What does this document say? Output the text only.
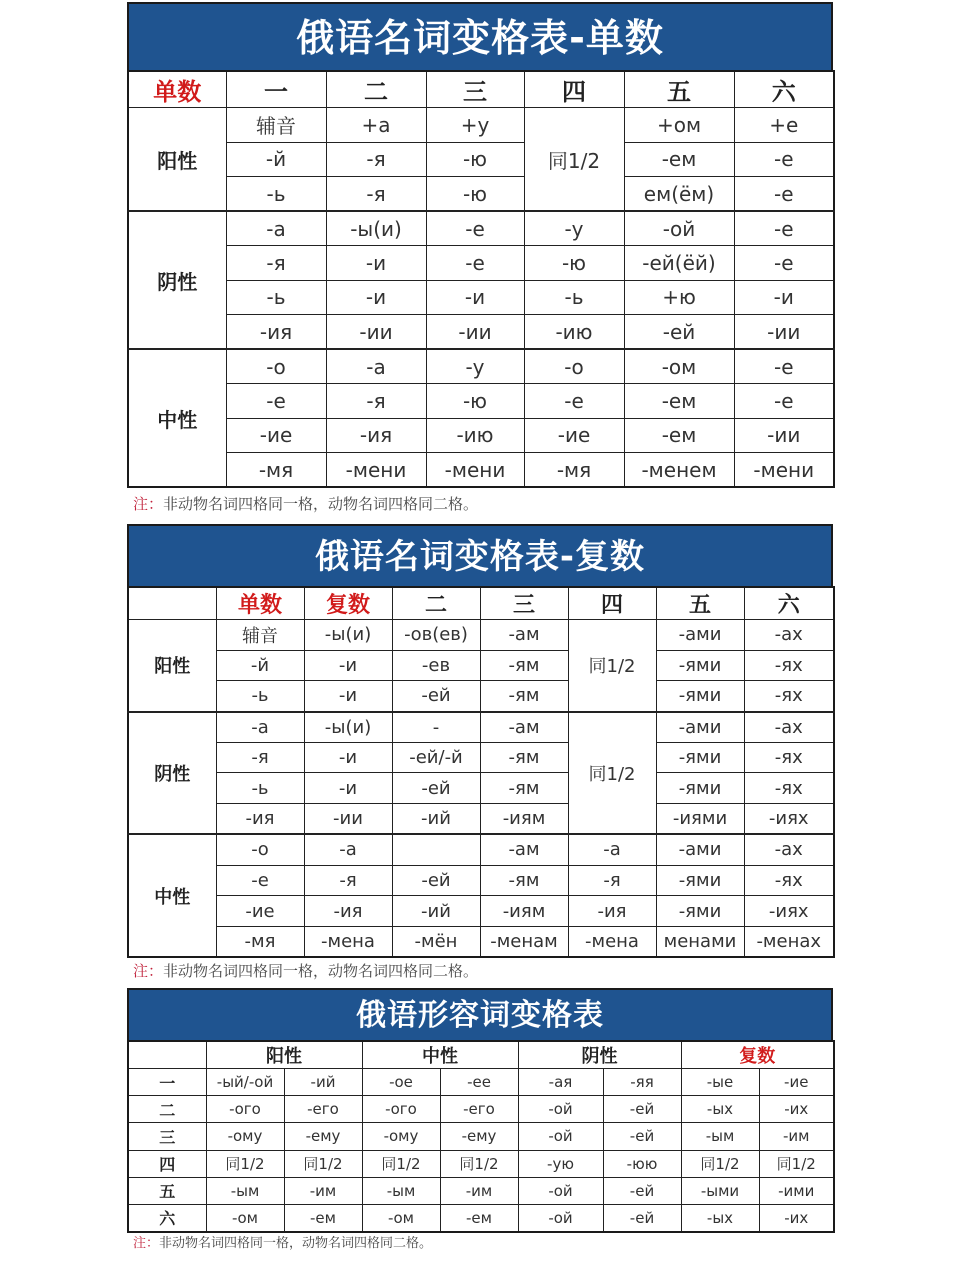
俄语名词变格表-单数
单数	一	二	三	四	五	六
阳性	辅音	+а	+у	同1/2	+ом	+е
	-й	-я	-ю		-ем	-е
	-ь	-я	-ю		ем(ём)	-е
阴性	-а	-ы(и)	-е	-у	-ой	-е
	-я	-и	-е	-ю	-ей(ёй)	-е
	-ь	-и	-и	-ь	+ю	-и
	-ия	-ии	-ии	-ию	-ей	-ии
中性	-о	-а	-у	-о	-ом	-е
	-е	-я	-ю	-е	-ем	-е
	-ие	-ия	-ию	-ие	-ем	-ии
	-мя	-мени	-мени	-мя	-менем	-мени
注：非动物名词四格同一格，动物名词四格同二格。
俄语名词变格表-复数
	单数	复数	二	三	四	五	六
阳性	辅音	-ы(и)	-ов(ев)	-ам	同1/2	-ами	-ах
	-й	-и	-ев	-ям		-ями	-ях
	-ь	-и	-ей	-ям		-ями	-ях
阴性	-а	-ы(и)	-	-ам	同1/2	-ами	-ах
	-я	-и	-ей/-й	-ям		-ями	-ях
	-ь	-и	-ей	-ям		-ями	-ях
	-ия	-ии	-ий	-иям		-иями	-иях
中性	-о	-а		-ам	-а	-ами	-ах
	-е	-я	-ей	-ям	-я	-ями	-ях
	-ие	-ия	-ий	-иям	-ия	-ями	-иях
	-мя	-мена	-мён	-менам	-мена	менами	-менах
注：非动物名词四格同一格，动物名词四格同二格。
俄语形容词变格表
	阳性		中性		阴性		复数	
一	-ый/-ой	-ий	-ое	-ее	-ая	-яя	-ые	-ие
二	-ого	-его	-ого	-его	-ой	-ей	-ых	-их
三	-ому	-ему	-ому	-ему	-ой	-ей	-ым	-им
四	同1/2	同1/2	同1/2	同1/2	-ую	-юю	同1/2	同1/2
五	-ым	-им	-ым	-им	-ой	-ей	-ыми	-ими
六	-ом	-ем	-ом	-ем	-ой	-ей	-ых	-их
注：非动物名词四格同一格，动物名词四格同二格。
